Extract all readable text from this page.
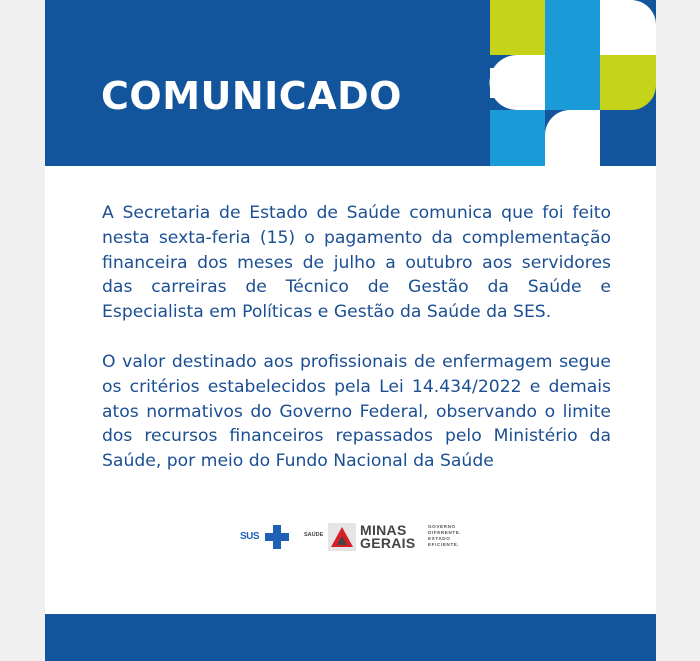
COMUNICADO

A Secretaria de Estado de Saúde comunica que foi feito nesta sexta-feria (15) o pagamento da complementação financeira dos meses de julho a outubro aos servidores das carreiras de Técnico de Gestão da Saúde e Especialista em Políticas e Gestão da Saúde da SES.

O valor destinado aos profissionais de enfermagem segue os critérios estabelecidos pela Lei 14.434/2022 e demais atos normativos do Governo Federal, observando o limite dos recursos financeiros repassados pelo Ministério da Saúde, por meio do Fundo Nacional da Saúde

SUS	SAÚDE	MINAS
GERAIS
GOVERNO
DIFERENTE.
ESTADO
EFICIENTE.
